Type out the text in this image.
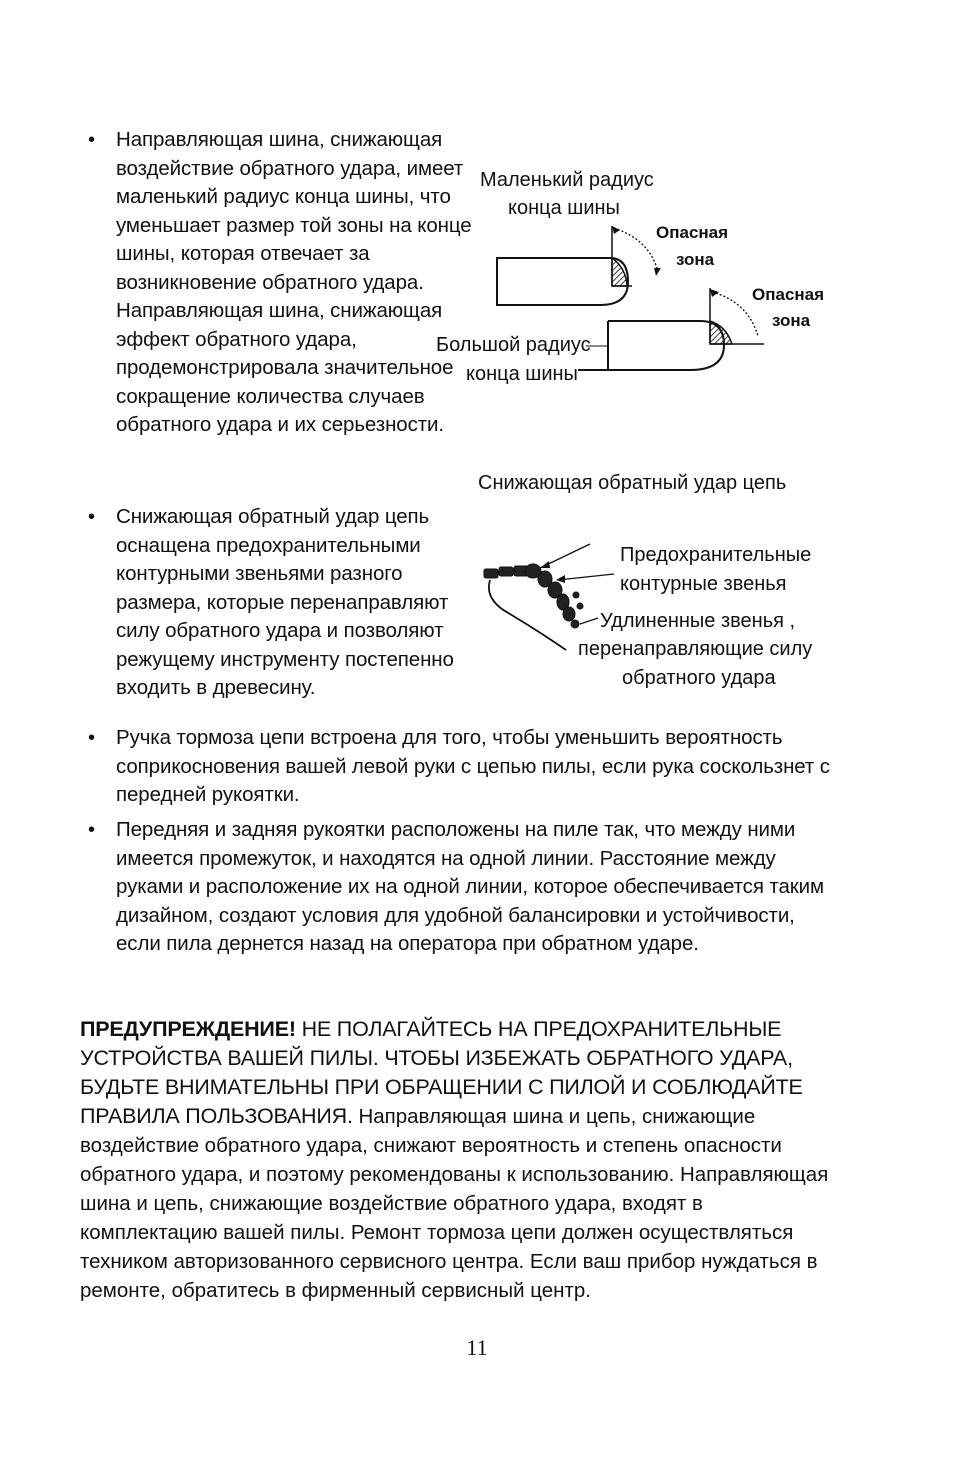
•	Направляющая шина, снижающая воздействие обратного удара, имеет маленький радиус конца шины, что уменьшает размер той зоны на конце шины, которая отвечает за возникновение обратного удара. Направляющая шина, снижающая эффект обратного удара, продемонстрировала значительное сокращение количества случаев обратного удара и их серьезности.
•	Снижающая обратный удар цепь оснащена предохранительными контурными звеньями разного размера, которые перенаправляют силу обратного удара и позволяют режущему инструменту постепенно входить в древесину.
•	Ручка тормоза цепи встроена для того, чтобы уменьшить вероятность соприкосновения вашей левой руки с цепью пилы, если рука соскользнет с передней рукоятки.
•	Передняя и задняя рукоятки расположены на пиле так, что между ними имеется промежуток, и находятся на одной линии. Расстояние между руками и расположение их на одной линии, которое обеспечивается таким дизайном, создают условия для удобной балансировки и устойчивости, если пила дернется назад на оператора при обратном ударе.
Маленький радиус
конца шины
Опасная
зона
Опасная
зона
Большой радиус
конца шины
Снижающая обратный удар цепь
Предохранительные
контурные звенья
Удлиненные звенья ,
перенаправляющие силу
обратного удара
ПРЕДУПРЕЖДЕНИЕ! НЕ ПОЛАГАЙТЕСЬ НА ПРЕДОХРАНИТЕЛЬНЫЕ УСТРОЙСТВА ВАШЕЙ ПИЛЫ. ЧТОБЫ ИЗБЕЖАТЬ ОБРАТНОГО УДАРА, БУДЬТЕ ВНИМАТЕЛЬНЫ ПРИ ОБРАЩЕНИИ С ПИЛОЙ И СОБЛЮДАЙТЕ ПРАВИЛА ПОЛЬЗОВАНИЯ. Направляющая шина и цепь, снижающие воздействие обратного удара, снижают вероятность и степень опасности обратного удара, и поэтому рекомендованы к использованию. Направляющая шина и цепь, снижающие воздействие обратного удара, входят в комплектацию вашей пилы. Ремонт тормоза цепи должен осуществляться техником авторизованного сервисного центра. Если ваш прибор нуждаться в ремонте, обратитесь в фирменный сервисный центр.
11
